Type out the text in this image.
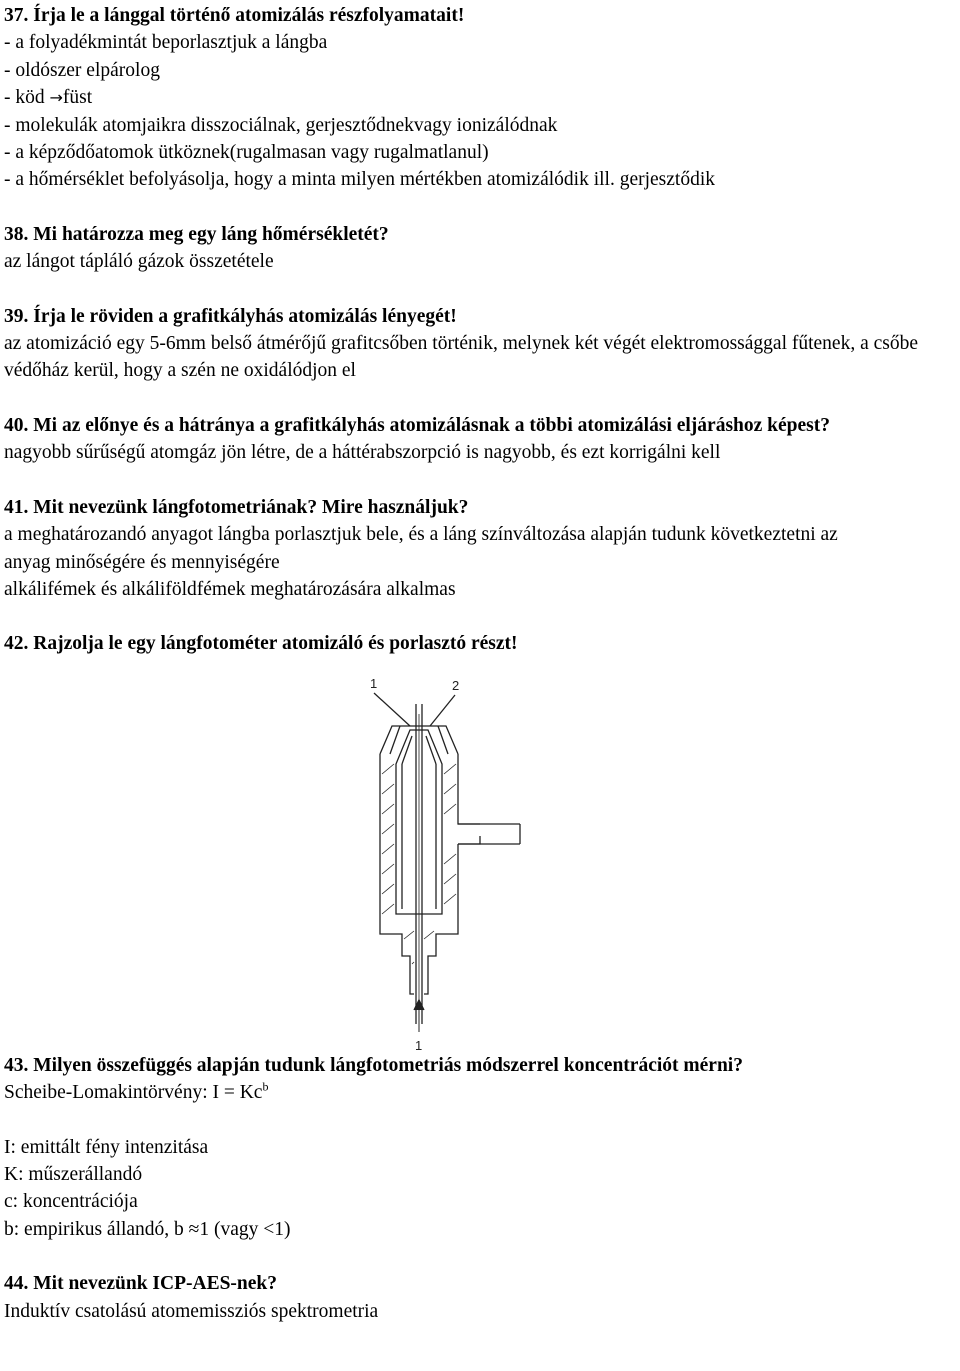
37. Írja le a lánggal történő atomizálás részfolyamatait!

- a folyadékmintát beporlasztjuk a lángba

- oldószer elpárolog

- köd →füst

- molekulák atomjaikra disszociálnak, gerjesztődnekvagy ionizálódnak

- a képződőatomok ütköznek(rugalmasan vagy rugalmatlanul)

- a hőmérséklet befolyásolja, hogy a minta milyen mértékben atomizálódik ill. gerjesztődik

38. Mi határozza meg egy láng hőmérsékletét?

az lángot tápláló gázok összetétele

39. Írja le röviden a grafitkályhás atomizálás lényegét!

az atomizáció egy 5-6mm belső átmérőjű grafitcsőben történik, melynek két végét elektromossággal fűtenek, a csőbe védőház kerül, hogy a szén ne oxidálódjon el

40. Mi az előnye és a hátránya a grafitkályhás atomizálásnak a többi atomizálási eljáráshoz képest?

nagyobb sűrűségű atomgáz jön létre, de a háttérabszorpció is nagyobb, és ezt korrigálni kell

41. Mit nevezünk lángfotometriának? Mire használjuk?

a meghatározandó anyagot lángba porlasztjuk bele, és a láng színváltozása alapján tudunk következtetni az anyag minőségére és mennyiségére

alkálifémek és alkáliföldfémek meghatározására alkalmas

42. Rajzolja le egy lángfotométer atomizáló és porlasztó részt!

1	2
1

43. Milyen összefüggés alapján tudunk lángfotometriás módszerrel koncentrációt mérni?

Scheibe-Lomakintörvény: $I = Kc^b$

I: emittált fény intenzitása

K: műszerállandó

c: koncentrációja

b: empirikus állandó, b ≈1 (vagy <1)

44. Mit nevezünk ICP-AES-nek?

Induktív csatolású atomemissziós spektrometria
